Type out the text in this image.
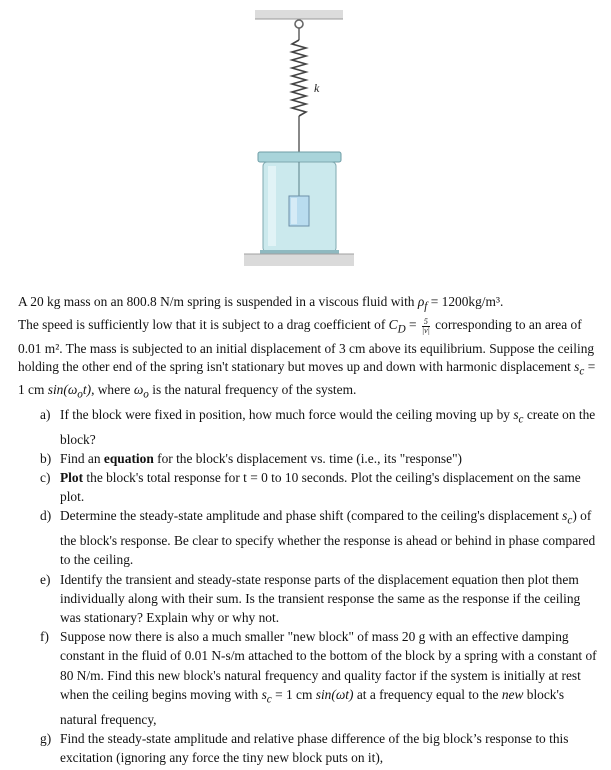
k

A 20 kg mass on an 800.8 N/m spring is suspended in a viscous fluid with $\rho_f = 1200kg/m^3$.
The speed is sufficiently low that it is subject to a drag coefficient of $C_D = \frac{5}{|v|}$ corresponding to an area of 0.01 m². The mass is subjected to an initial displacement of 3 cm above its equilibrium. Suppose the ceiling holding the other end of the spring isn't stationary but moves up and down with harmonic displacement $s_c = 1$ cm $\sin(\omega_ot)$, where $\omega_o$ is the natural frequency of the system.

a) If the block were fixed in position, how much force would the ceiling moving up by $s_c$ create on the block?
b) Find an equation for the block's displacement vs. time (i.e., its "response")
c) Plot the block's total response for t = 0 to 10 seconds. Plot the ceiling's displacement on the same plot.
d) Determine the steady-state amplitude and phase shift (compared to the ceiling's displacement $s_c$) of the block's response. Be clear to specify whether the response is ahead or behind in phase compared to the ceiling.
e) Identify the transient and steady-state response parts of the displacement equation then plot them individually along with their sum. Is the transient response the same as the response if the ceiling was stationary? Explain why or why not.
f) Suppose now there is also a much smaller "new block" of mass 20 g with an effective damping constant in the fluid of 0.01 N-s/m attached to the bottom of the block by a spring with a constant of 80 N/m. Find this new block's natural frequency and quality factor if the system is initially at rest when the ceiling begins moving with $s_c = 1$ cm sin(ωt) at a frequency equal to the new block's natural frequency,
g) Find the steady-state amplitude and relative phase difference of the big block’s response to this excitation (ignoring any force the tiny new block puts on it),
